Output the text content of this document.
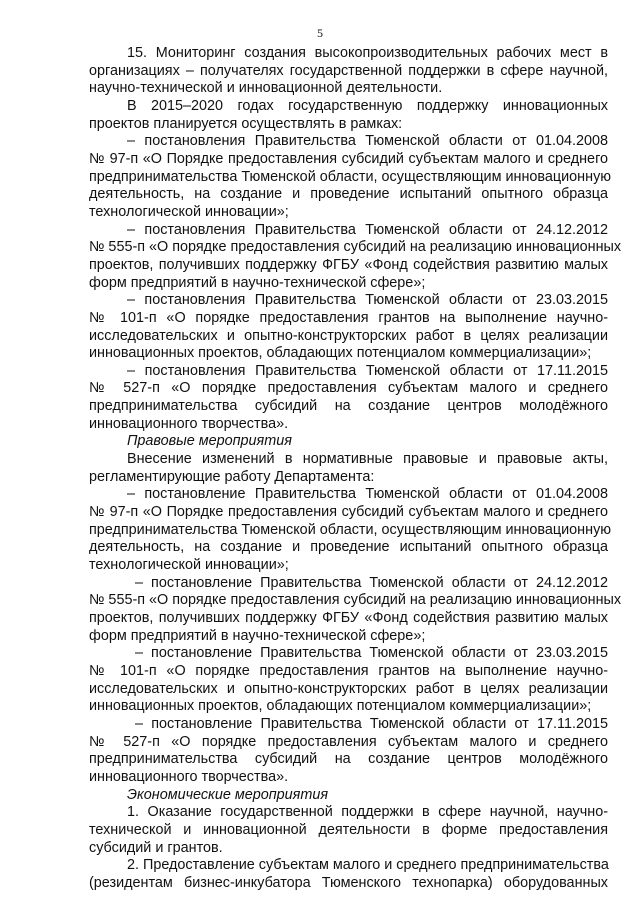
5

15. Мониторинг создания высокопроизводительных рабочих мест в

организациях – получателях государственной поддержки в сфере научной,

научно-технической и инновационной деятельности.

В 2015–2020 годах государственную поддержку инновационных

проектов планируется осуществлять в рамках:

– постановления Правительства Тюменской области от 01.04.2008

№ 97-п «О Порядке предоставления субсидий субъектам малого и среднего

предпринимательства Тюменской области, осуществляющим инновационную

деятельность, на создание и проведение испытаний опытного образца

технологической инновации»;

– постановления Правительства Тюменской области от 24.12.2012

№ 555-п «О порядке предоставления субсидий на реализацию инновационных

проектов, получивших поддержку ФГБУ «Фонд содействия развитию малых

форм предприятий в научно-технической сфере»;

– постановления Правительства Тюменской области от 23.03.2015

№ 101-п «О порядке предоставления грантов на выполнение научно-

исследовательских и опытно-конструкторских работ в целях реализации

инновационных проектов, обладающих потенциалом коммерциализации»;

– постановления Правительства Тюменской области от 17.11.2015

№ 527-п «О порядке предоставления субъектам малого и среднего

предпринимательства субсидий на создание центров молодёжного

инновационного творчества».

Правовые мероприятия

Внесение изменений в нормативные правовые и правовые акты,

регламентирующие работу Департамента:

– постановление Правительства Тюменской области от 01.04.2008

№ 97-п «О Порядке предоставления субсидий субъектам малого и среднего

предпринимательства Тюменской области, осуществляющим инновационную

деятельность, на создание и проведение испытаний опытного образца

технологической инновации»;

– постановление Правительства Тюменской области от 24.12.2012

№ 555-п «О порядке предоставления субсидий на реализацию инновационных

проектов, получивших поддержку ФГБУ «Фонд содействия развитию малых

форм предприятий в научно-технической сфере»;

– постановление Правительства Тюменской области от 23.03.2015

№ 101-п «О порядке предоставления грантов на выполнение научно-

исследовательских и опытно-конструкторских работ в целях реализации

инновационных проектов, обладающих потенциалом коммерциализации»;

– постановление Правительства Тюменской области от 17.11.2015

№ 527-п «О порядке предоставления субъектам малого и среднего

предпринимательства субсидий на создание центров молодёжного

инновационного творчества».

Экономические мероприятия

1. Оказание государственной поддержки в сфере научной, научно-

технической и инновационной деятельности в форме предоставления

субсидий и грантов.

2. Предоставление субъектам малого и среднего предпринимательства

(резидентам бизнес-инкубатора Тюменского технопарка) оборудованных
